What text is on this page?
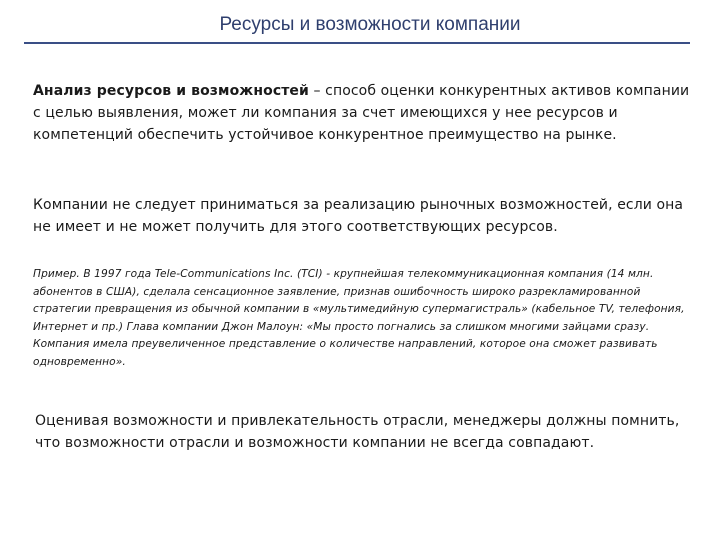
Ресурсы и возможности компании
Анализ ресурсов и возможностей – способ оценки конкурентных активов компании с целью выявления, может ли компания за счет имеющихся у нее ресурсов и компетенций обеспечить устойчивое конкурентное преимущество на рынке.
Компании не следует приниматься за реализацию рыночных возможностей, если она не имеет и не может получить для этого соответствующих ресурсов.
Пример. В 1997 года Tele-Communications Inc. (TCI) - крупнейшая телекоммуникационная компания (14 млн. абонентов в США), сделала сенсационное заявление, признав ошибочность широко разрекламированной стратегии превращения из обычной компании в «мультимедийную супермагистраль» (кабельное TV, телефония, Интернет и пр.) Глава компании Джон Малоун: «Мы просто погнались за слишком многими зайцами сразу. Компания имела преувеличенное представление о количестве направлений, которое она сможет развивать одновременно».
Оценивая возможности и привлекательность отрасли, менеджеры должны помнить, что возможности отрасли и возможности компании не всегда совпадают.
